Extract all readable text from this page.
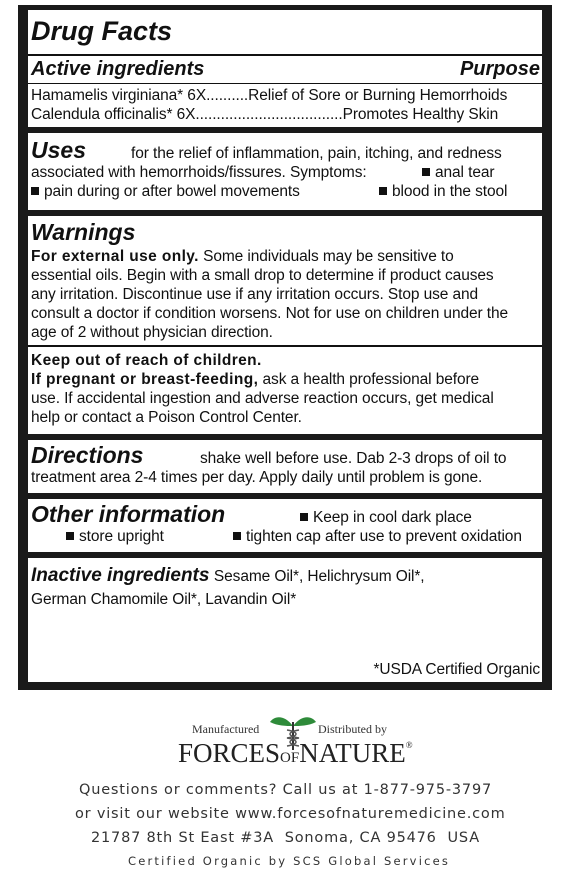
Drug Facts
Active ingredients	Purpose
Hamamelis virginiana* 6X..........Relief of Sore or Burning Hemorrhoids
Calendula officinalis* 6X...................................Promotes Healthy Skin
Uses	for the relief of inflammation, pain, itching, and redness
associated with hemorrhoids/fissures. Symptoms:	anal tear
pain during or after bowel movements	blood in the stool
Warnings
For external use only. Some individuals may be sensitive to
essential oils. Begin with a small drop to determine if product causes
any irritation. Discontinue use if any irritation occurs. Stop use and
consult a doctor if condition worsens. Not for use on children under the
age of 2 without physician direction.
Keep out of reach of children.
If pregnant or breast-feeding, ask a health professional before
use. If accidental ingestion and adverse reaction occurs, get medical
help or contact a Poison Control Center.
Directions	shake well before use. Dab 2-3 drops of oil to
treatment area 2-4 times per day. Apply daily until problem is gone.
Other information	Keep in cool dark place
store upright	tighten cap after use to prevent oxidation
Inactive ingredients Sesame Oil*, Helichrysum Oil*,
German Chamomile Oil*, Lavandin Oil*
*USDA Certified Organic
Manufactured	Distributed by
FORCESOFNATURE®
Questions or comments? Call us at 1-877-975-3797
or visit our website www.forcesofnaturemedicine.com
21787 8th St East #3A  Sonoma, CA 95476  USA
Certified Organic by SCS Global Services
